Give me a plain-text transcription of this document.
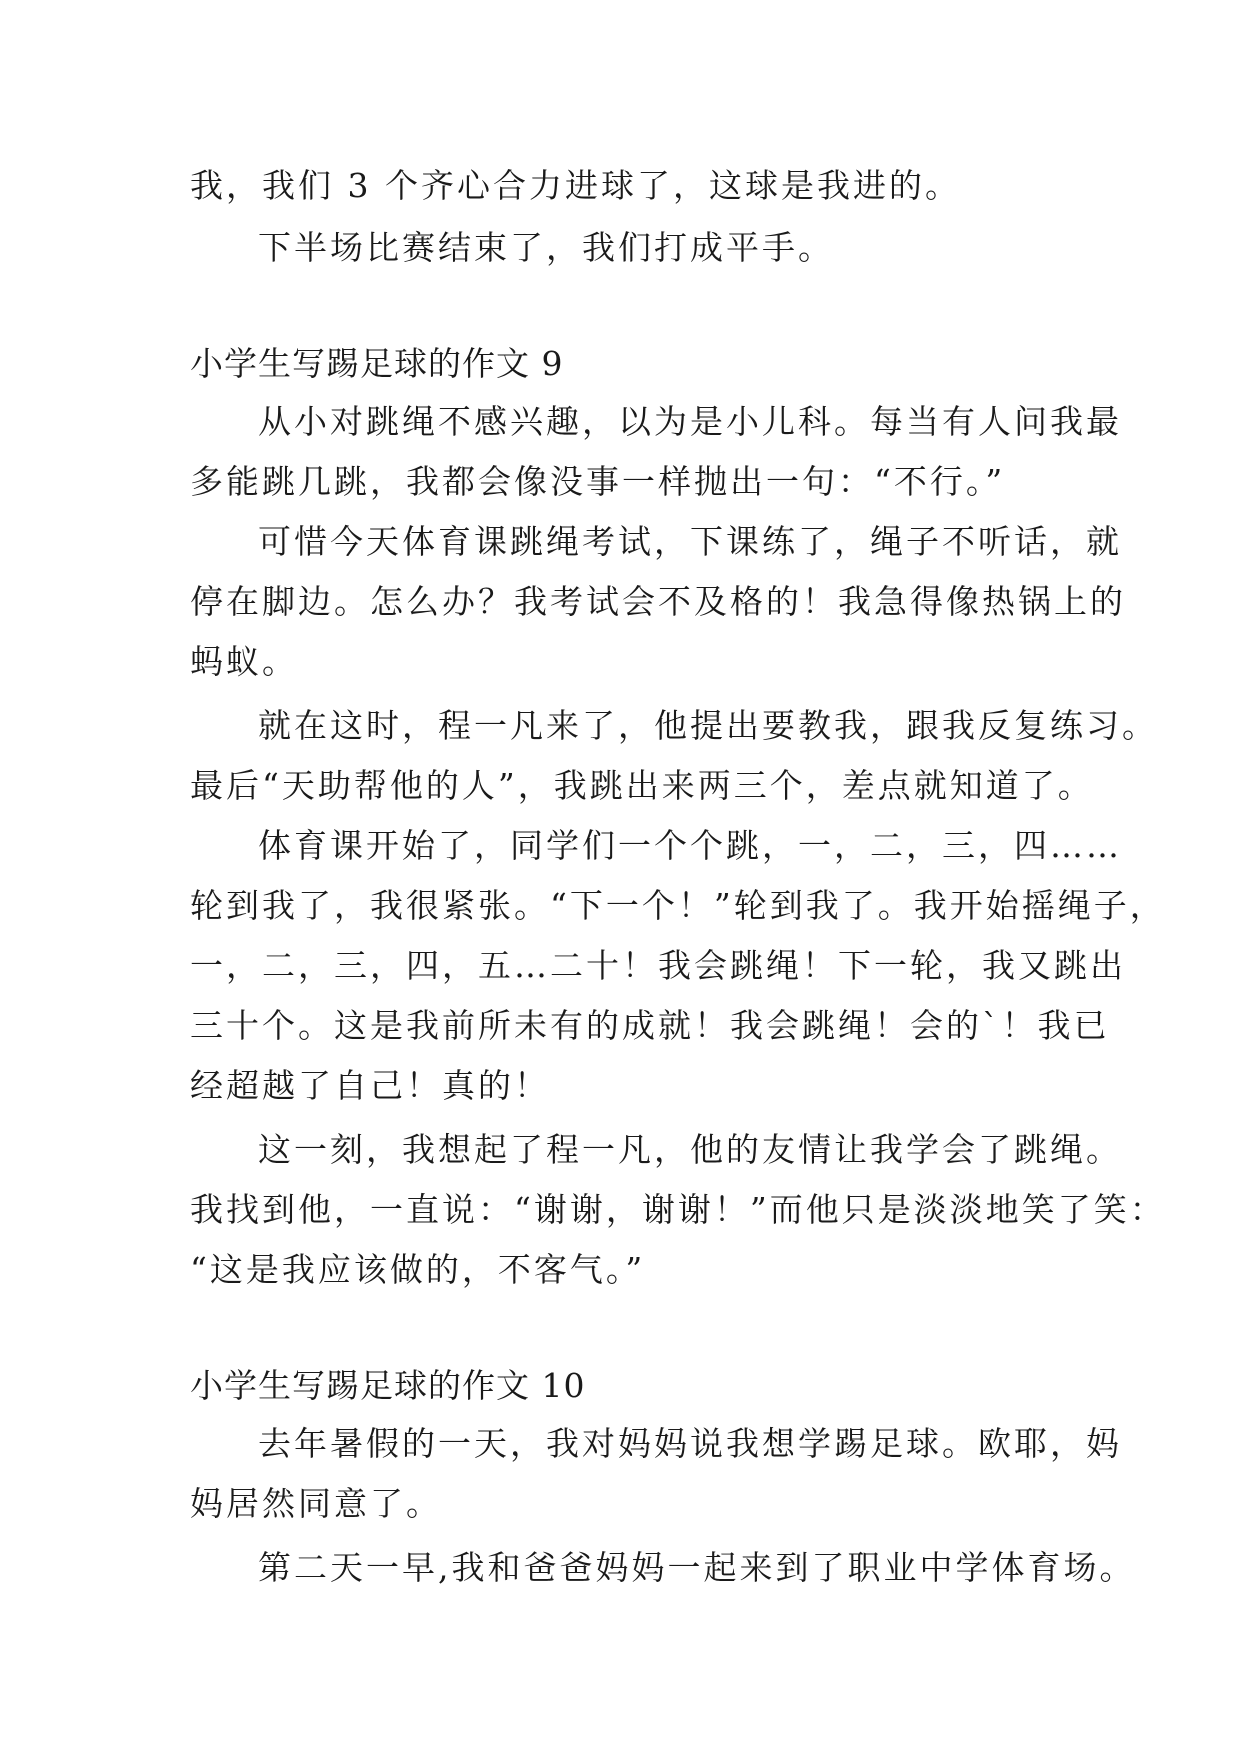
我，我们 3 个齐心合力进球了，这球是我进的。
下半场比赛结束了，我们打成平手。
小学生写踢足球的作文 9
从小对跳绳不感兴趣，以为是小儿科。每当有人问我最
多能跳几跳，我都会像没事一样抛出一句：“不行。”
可惜今天体育课跳绳考试，下课练了，绳子不听话，就
停在脚边。怎么办？我考试会不及格的！我急得像热锅上的
蚂蚁。
就在这时，程一凡来了，他提出要教我，跟我反复练习。
最后“天助帮他的人”，我跳出来两三个，差点就知道了。
体育课开始了，同学们一个个跳，一，二，三，四……
轮到我了，我很紧张。“下一个！”轮到我了。我开始摇绳子，
一，二，三，四，五…二十！我会跳绳！下一轮，我又跳出
三十个。这是我前所未有的成就！我会跳绳！会的`！我已
经超越了自己！真的！
这一刻，我想起了程一凡，他的友情让我学会了跳绳。
我找到他，一直说：“谢谢，谢谢！”而他只是淡淡地笑了笑：
“这是我应该做的，不客气。”
小学生写踢足球的作文 10
去年暑假的一天，我对妈妈说我想学踢足球。欧耶，妈
妈居然同意了。
第二天一早,我和爸爸妈妈一起来到了职业中学体育场。
